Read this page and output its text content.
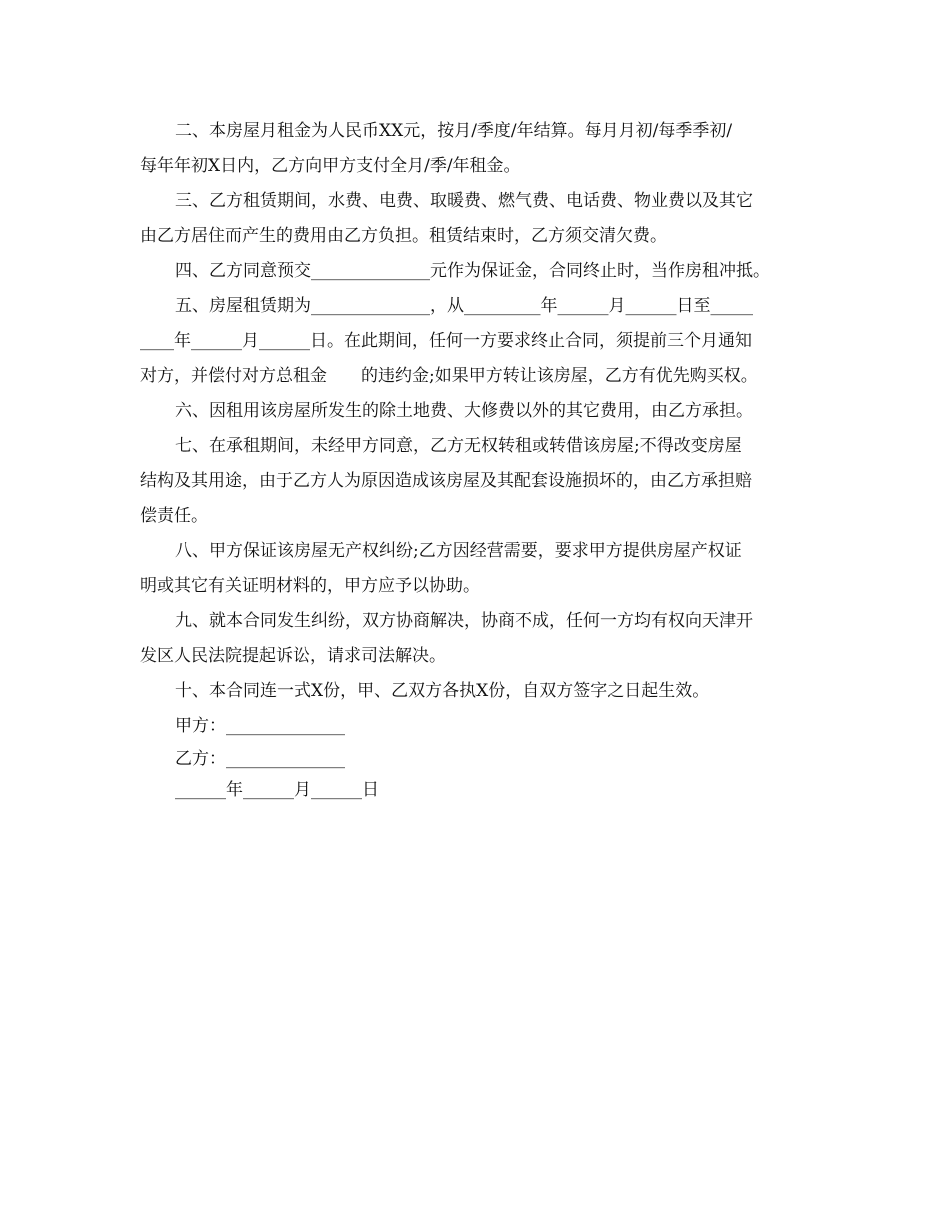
二、本房屋月租金为人民币XX元，按月/季度/年结算。每月月初/每季季初/
每年年初X日内，乙方向甲方支付全月/季/年租金。
三、乙方租赁期间，水费、电费、取暖费、燃气费、电话费、物业费以及其它
由乙方居住而产生的费用由乙方负担。租赁结束时，乙方须交清欠费。
四、乙方同意预交______________元作为保证金，合同终止时，当作房租冲抵。
五、房屋租赁期为______________，从_________年______月______日至_____
____年______月______日。在此期间，任何一方要求终止合同，须提前三个月通知
对方，并偿付对方总租金　　的违约金;如果甲方转让该房屋，乙方有优先购买权。
六、因租用该房屋所发生的除土地费、大修费以外的其它费用，由乙方承担。
七、在承租期间，未经甲方同意，乙方无权转租或转借该房屋;不得改变房屋
结构及其用途，由于乙方人为原因造成该房屋及其配套设施损坏的，由乙方承担赔
偿责任。
八、甲方保证该房屋无产权纠纷;乙方因经营需要，要求甲方提供房屋产权证
明或其它有关证明材料的，甲方应予以协助。
九、就本合同发生纠纷，双方协商解决，协商不成，任何一方均有权向天津开
发区人民法院提起诉讼，请求司法解决。
十、本合同连一式X份，甲、乙双方各执X份，自双方签字之日起生效。
甲方：______________
乙方：______________
______年______月______日
